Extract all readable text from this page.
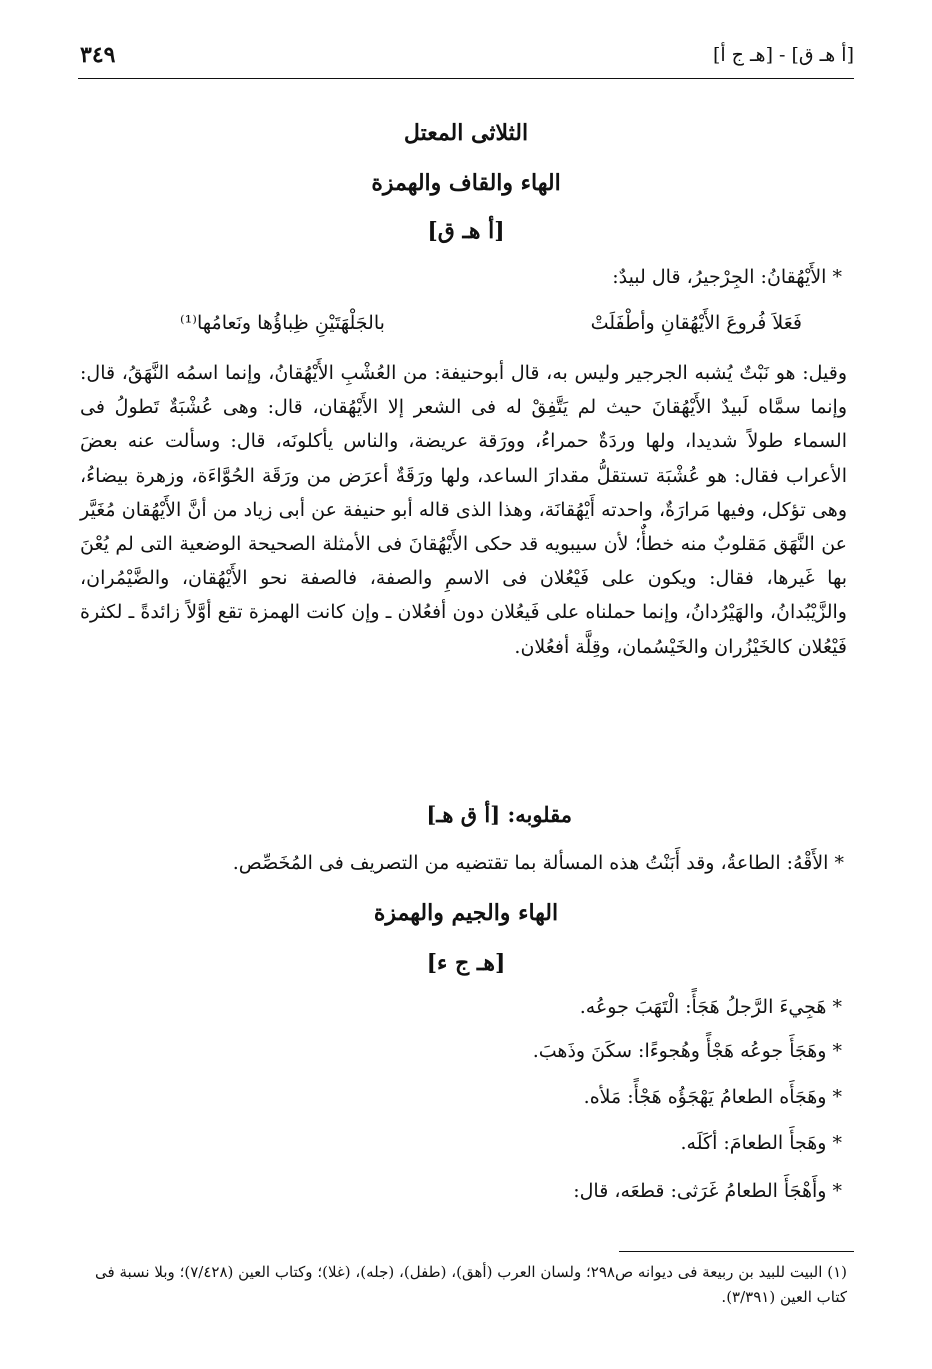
[أ هـ ق] - [هـ ج أ]
٣٤٩
الثلاثى المعتل
الهاء والقاف والهمزة
[أ هـ ق]
* الأَيْهُقانُ: الجِرْجيرُ، قال لبيدٌ:
فَعَلاَ فُروعَ الأَيْهُقانِ وأطْفَلَتْ
بالجَلْهَتَيْنِ ظِباؤُها ونَعامُها⁽¹⁾
وقيل: هو نَبْتٌ يُشبه الجرجير وليس به، قال أبوحنيفة: من العُشْبِ الأَيْهُقانُ، وإنما اسمُه النَّهَقُ، قال: وإنما سمَّاه لَبيدٌ الأَيْهُقانَ حيث لم يَتَّفِقْ له فى الشعر إلا الأَيْهُقان، قال: وهى عُشْبَةٌ تَطولُ فى السماء طولاً شديدا، ولها وردَةٌ حمراءُ، وورَقة عريضة، والناس يأكلونَه، قال: وسألت عنه بعضَ الأعراب فقال: هو عُشْبَة تستقلُّ مقدارَ الساعد، ولها ورَقَةٌ أعرَض من ورَقَة الحُوَّاءَة، وزهرة بيضاءُ، وهى تؤكل، وفيها مَرارَةٌ، واحدته أَيْهُقانَة، وهذا الذى قاله أبو حنيفة عن أبى زياد من أنَّ الأَيْهُقان مُغَيَّر عن النَّهَق مَقلوبٌ منه خطأٌ؛ لأن سيبويه قد حكى الأَيْهُقانَ فى الأمثلة الصحيحة الوضعية التى لم يُعْنَ بها غَيرها، فقال: ويكون على فَيْعُلان فى الاسمِ والصفة، فالصفة نحو الأَيْهُقان، والضَّيْمُران، والزَّيْبُدانُ، والهَيْرُدانُ، وإنما حملناه على فَيعُلان دون أفعُلان ـ وإن كانت الهمزة تقع أوَّلاً زائدةً ـ لكثرة فَيْعُلان كالخَيْزُران والخَيْسُمان، وقِلَّة أفعُلان.
مقلوبه: [أ ق هـ]
* الأَقْهُ: الطاعةُ، وقد أَبَنْتُ هذه المسألة بما تقتضيه من التصريف فى المُخَصِّص.
الهاء والجيم والهمزة
[هـ ج ء]
* هَجِيءَ الرَّجلُ هَجَأً: الْتَهَبَ جوعُه.
* وهَجَأَ جوعُه هَجْأً وهُجوءًا: سكَنَ وذَهبَ.
* وهَجَأَه الطعامُ يَهْجَؤُه هَجْأً: مَلأه.
* وهَجأَ الطعامَ: أكَلَه.
* وأَهْجَأَ الطعامُ غَرَثى: قطعَه، قال:
(١) البيت للبيد بن ربيعة فى ديوانه ص٢٩٨؛ ولسان العرب (أهق)، (طفل)، (جله)، (غلا)؛ وكتاب العين (٧/٤٢٨)؛ وبلا نسبة فى كتاب العين (٣/٣٩١).
